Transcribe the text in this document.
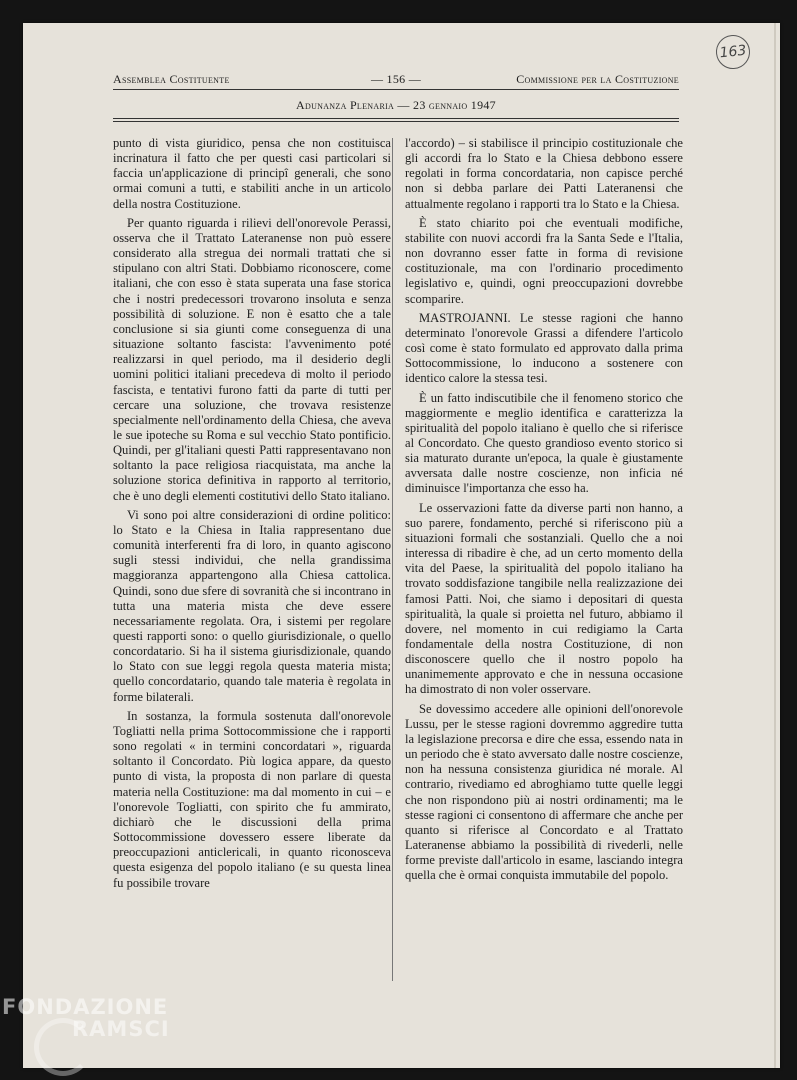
163
Assemblea Costituente	— 156 —	Commissione per la Costituzione
Adunanza Plenaria — 23 gennaio 1947

punto di vista giuridico, pensa che non costituisca incrinatura il fatto che per questi casi particolari si faccia un'applicazione di principî generali, che sono ormai comuni a tutti, e stabiliti anche in un articolo della nostra Costituzione.

Per quanto riguarda i rilievi dell'onorevole Perassi, osserva che il Trattato Lateranense non può essere considerato alla stregua dei normali trattati che si stipulano con altri Stati. Dobbiamo riconoscere, come italiani, che con esso è stata superata una fase storica che i nostri predecessori trovarono insoluta e senza possibilità di soluzione. E non è esatto che a tale conclusione si sia giunti come conseguenza di una situazione soltanto fascista: l'avvenimento poté realizzarsi in quel periodo, ma il desiderio degli uomini politici italiani precedeva di molto il periodo fascista, e tentativi furono fatti da parte di tutti per cercare una soluzione, che trovava resistenze specialmente nell'ordinamento della Chiesa, che aveva le sue ipoteche su Roma e sul vecchio Stato pontificio. Quindi, per gl'italiani questi Patti rappresentavano non soltanto la pace religiosa riacquistata, ma anche la soluzione storica definitiva in rapporto al territorio, che è uno degli elementi costitutivi dello Stato italiano.

Vi sono poi altre considerazioni di ordine politico: lo Stato e la Chiesa in Italia rappresentano due comunità interferenti fra di loro, in quanto agiscono sugli stessi individui, che nella grandissima maggioranza appartengono alla Chiesa cattolica. Quindi, sono due sfere di sovranità che si incontrano in tutta una materia mista che deve essere necessariamente regolata. Ora, i sistemi per regolare questi rapporti sono: o quello giurisdizionale, o quello concordatario. Si ha il sistema giurisdizionale, quando lo Stato con sue leggi regola questa materia mista; quello concordatario, quando tale materia è regolata in forme bilaterali.

In sostanza, la formula sostenuta dall'onorevole Togliatti nella prima Sottocommissione che i rapporti sono regolati « in termini concordatari », riguarda soltanto il Concordato. Più logica appare, da questo punto di vista, la proposta di non parlare di questa materia nella Costituzione: ma dal momento in cui – e l'onorevole Togliatti, con spirito che fu ammirato, dichiarò che le discussioni della prima Sottocommissione dovessero essere liberate da preoccupazioni anticlericali, in quanto riconosceva questa esigenza del popolo italiano (e su questa linea fu possibile trovare

l'accordo) – si stabilisce il principio costituzionale che gli accordi fra lo Stato e la Chiesa debbono essere regolati in forma concordataria, non capisce perché non si debba parlare dei Patti Lateranensi che attualmente regolano i rapporti tra lo Stato e la Chiesa.

È stato chiarito poi che eventuali modifiche, stabilite con nuovi accordi fra la Santa Sede e l'Italia, non dovranno esser fatte in forma di revisione costituzionale, ma con l'ordinario procedimento legislativo e, quindi, ogni preoccupazioni dovrebbe scomparire.

MASTROJANNI. Le stesse ragioni che hanno determinato l'onorevole Grassi a difendere l'articolo così come è stato formulato ed approvato dalla prima Sottocommissione, lo inducono a sostenere con identico calore la stessa tesi.

È un fatto indiscutibile che il fenomeno storico che maggiormente e meglio identifica e caratterizza la spiritualità del popolo italiano è quello che si riferisce al Concordato. Che questo grandioso evento storico si sia maturato durante un'epoca, la quale è giustamente avversata dalle nostre coscienze, non inficia né diminuisce l'importanza che esso ha.

Le osservazioni fatte da diverse parti non hanno, a suo parere, fondamento, perché si riferiscono più a situazioni formali che sostanziali. Quello che a noi interessa di ribadire è che, ad un certo momento della vita del Paese, la spiritualità del popolo italiano ha trovato soddisfazione tangibile nella realizzazione dei famosi Patti. Noi, che siamo i depositari di questa spiritualità, la quale si proietta nel futuro, abbiamo il dovere, nel momento in cui redigiamo la Carta fondamentale della nostra Costituzione, di non disconoscere quello che il nostro popolo ha unanimemente approvato e che in nessuna occasione ha dimostrato di non voler osservare.

Se dovessimo accedere alle opinioni dell'onorevole Lussu, per le stesse ragioni dovremmo aggredire tutta la legislazione precorsa e dire che essa, essendo nata in un periodo che è stato avversato dalle nostre coscienze, non ha nessuna consistenza giuridica né morale. Al contrario, rivediamo ed abroghiamo tutte quelle leggi che non rispondono più ai nostri ordinamenti; ma le stesse ragioni ci consentono di affermare che anche per quanto si riferisce al Concordato e al Trattato Lateranense abbiamo la possibilità di rivederli, nelle forme previste dall'articolo in esame, lasciando integra quella che è ormai conquista immutabile del popolo.

FONDAZIONE
RAMSCI
